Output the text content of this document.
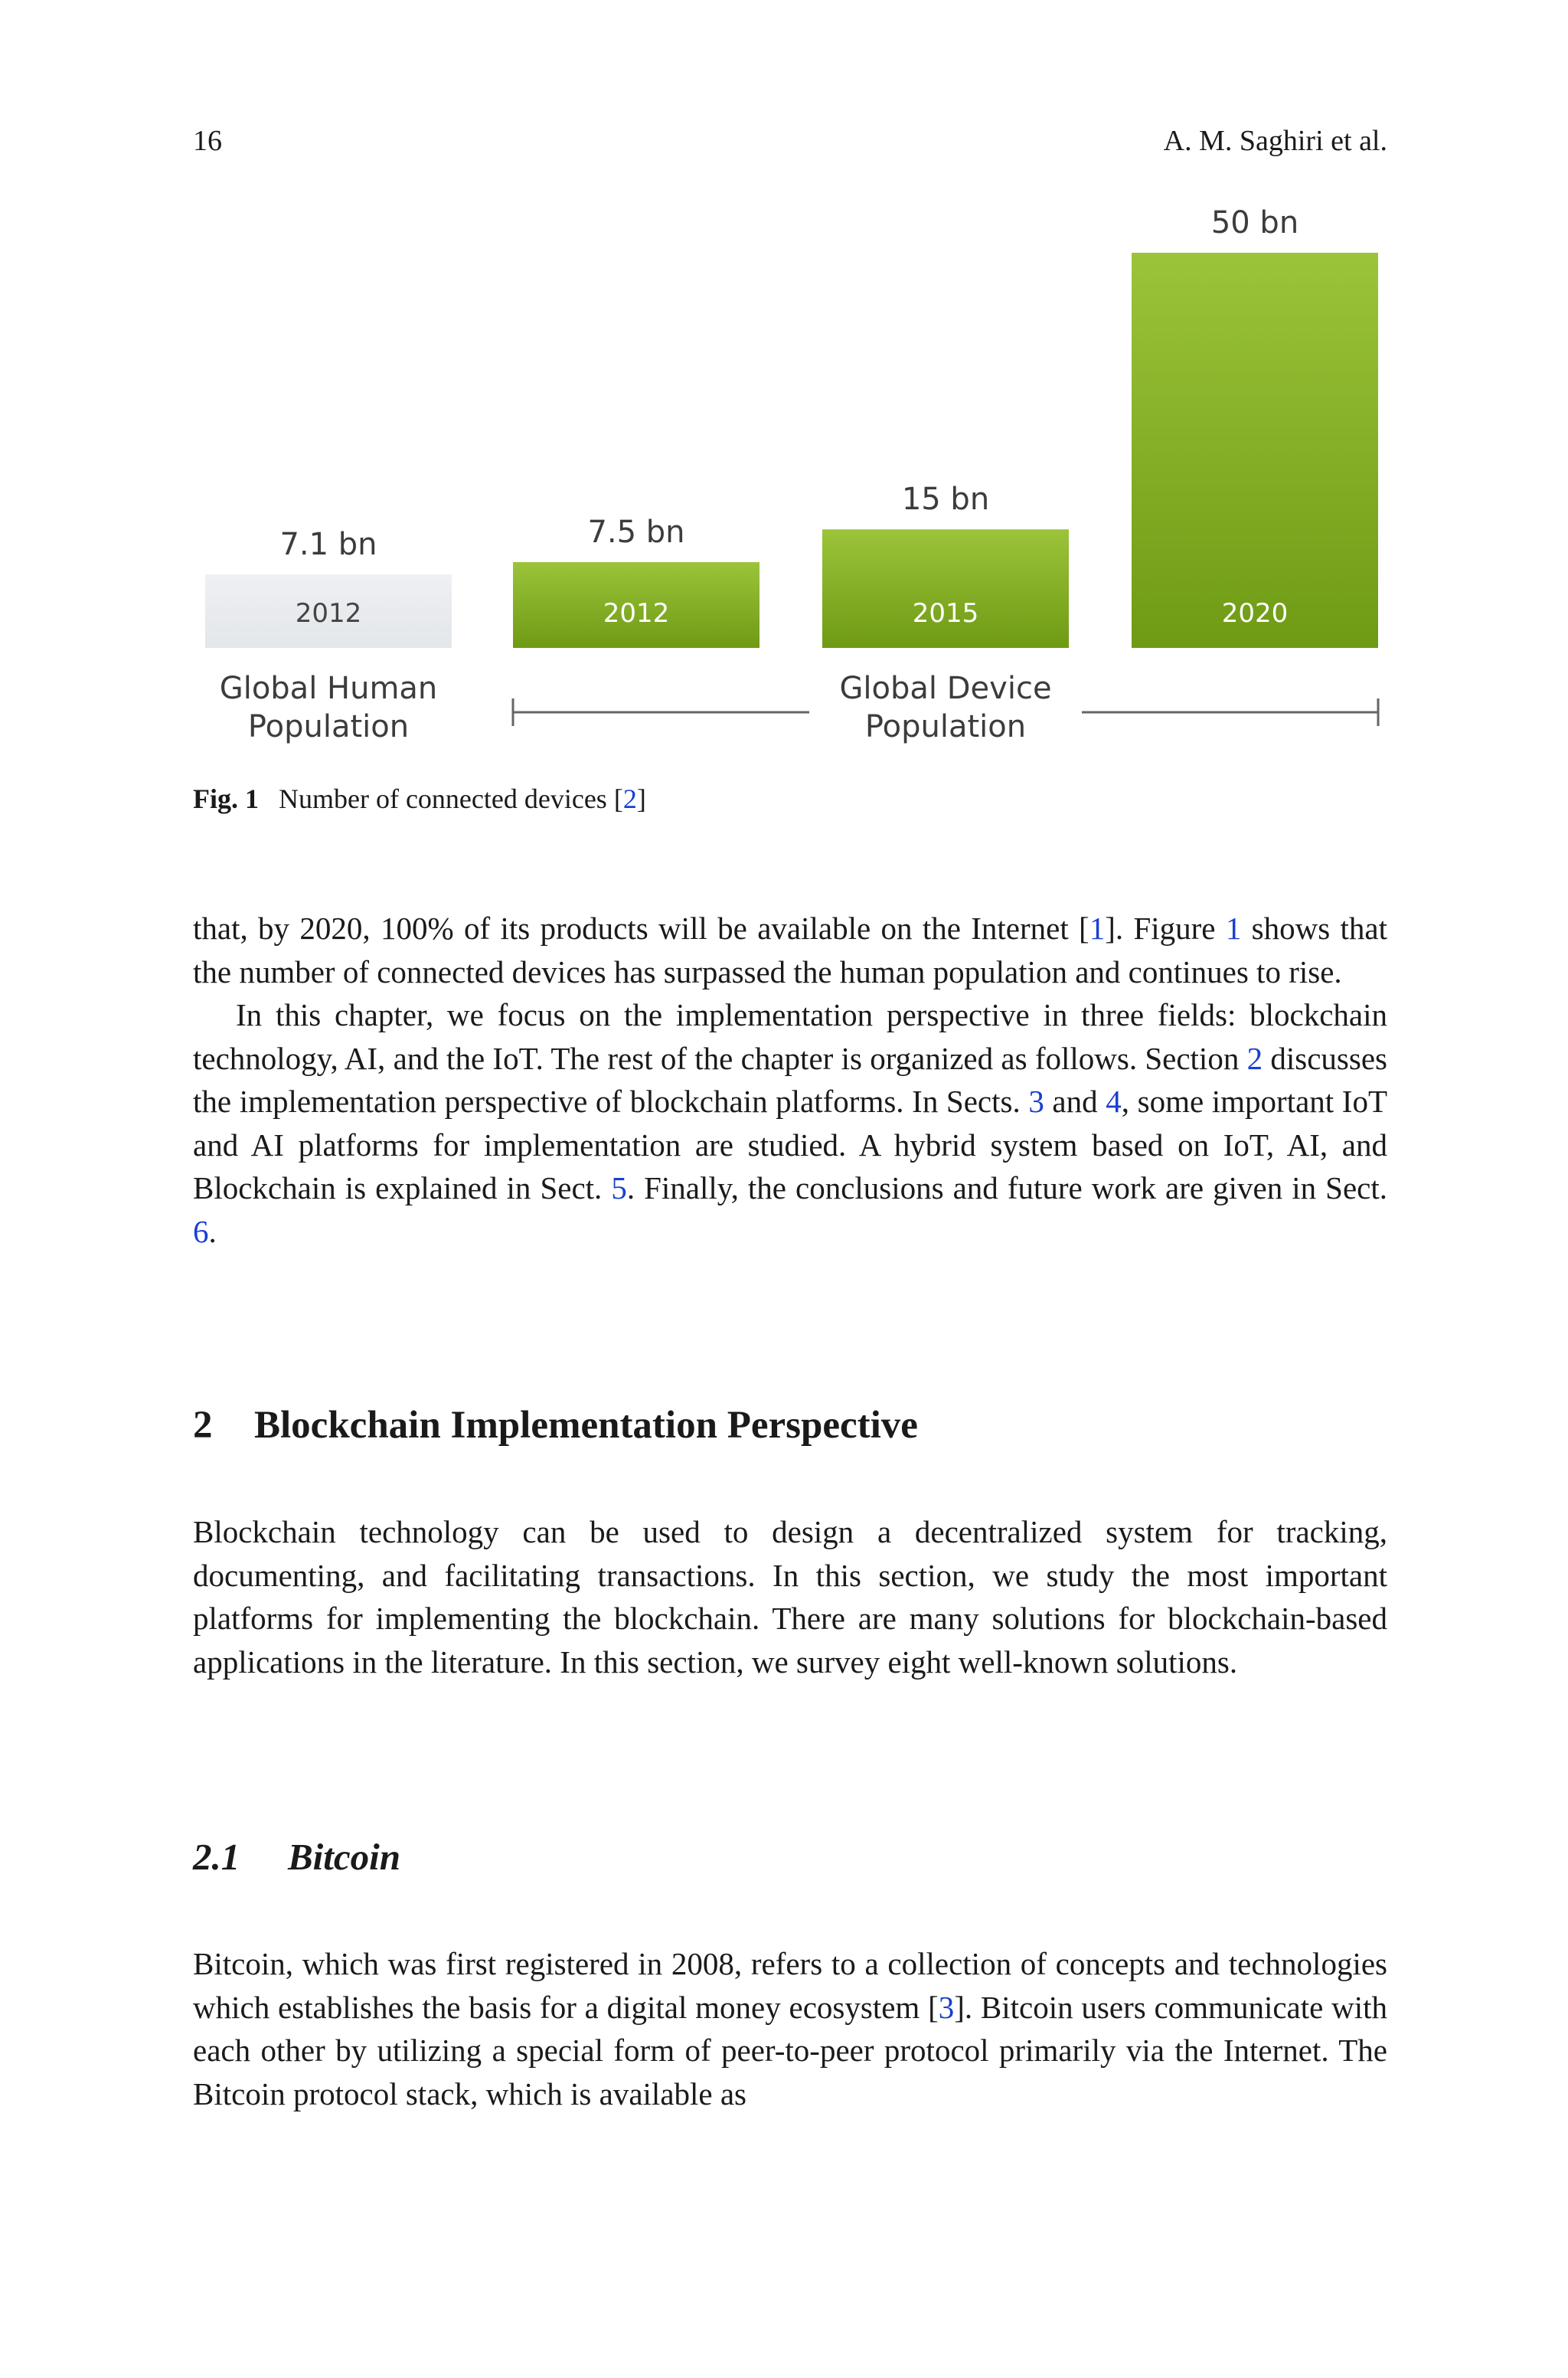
16	A. M. Saghiri et al.
2012
7.1 bn
2012
7.5 bn
2015
15 bn
2020
50 bn
Global Human
Population
Global Device
Population
Fig. 1 Number of connected devices [2]

that, by 2020, 100% of its products will be available on the Internet [1]. Figure 1 shows that the number of connected devices has surpassed the human population and continues to rise.

In this chapter, we focus on the implementation perspective in three fields: blockchain technology, AI, and the IoT. The rest of the chapter is organized as follows. Section 2 discusses the implementation perspective of blockchain platforms. In Sects. 3 and 4, some important IoT and AI platforms for implementation are studied. A hybrid system based on IoT, AI, and Blockchain is explained in Sect. 5. Finally, the conclusions and future work are given in Sect. 6.

2 Blockchain Implementation Perspective

Blockchain technology can be used to design a decentralized system for tracking, documenting, and facilitating transactions. In this section, we study the most important platforms for implementing the blockchain. There are many solutions for blockchain-based applications in the literature. In this section, we survey eight well-known solutions.

2.1 Bitcoin

Bitcoin, which was first registered in 2008, refers to a collection of concepts and technologies which establishes the basis for a digital money ecosystem [3]. Bitcoin users communicate with each other by utilizing a special form of peer-to-peer protocol primarily via the Internet. The Bitcoin protocol stack, which is available as
